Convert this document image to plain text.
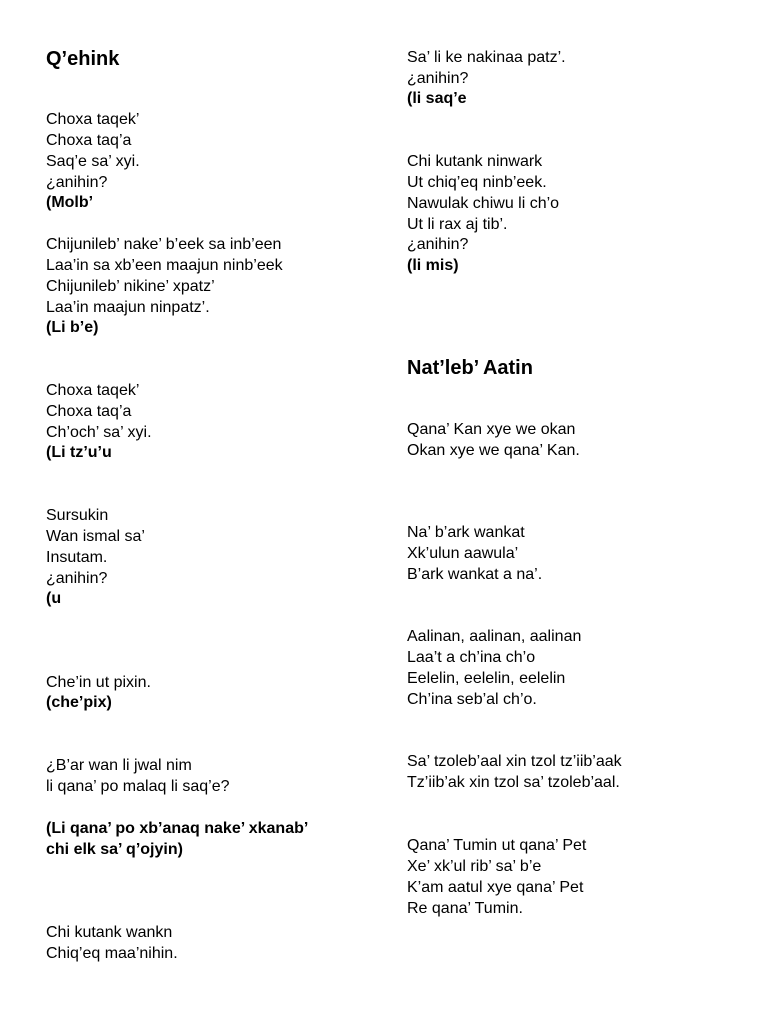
Q’ehink

Choxa taqek’

Choxa taq’a

Saq’e sa’ xyi.

¿anihin?

(Molb’

Chijunileb’ nake’ b’eek sa inb’een

Laa’in sa xb’een maajun ninb’eek

Chijunileb’ nikine’ xpatz’

Laa’in maajun ninpatz’.

(Li b’e)

Choxa taqek’

Choxa taq’a

Ch’och’ sa’ xyi.

(Li tz’u’u

Sursukin

Wan ismal sa’

Insutam.

¿anihin?

(u

Che’in ut pixin.

(che’pix)

¿B’ar wan li jwal nim

li qana’ po malaq li saq’e?

(Li qana’ po xb’anaq nake’ xkanab’

chi elk sa’ q’ojyin)

Chi kutank wankn

Chiq’eq maa’nihin.

Sa’ li ke nakinaa patz’.

¿anihin?

(li saq’e

Chi kutank ninwark

Ut chiq’eq ninb’eek.

Nawulak chiwu li ch’o

Ut li rax aj tib’.

¿anihin?

(li mis)

Nat’leb’ Aatin

Qana’ Kan xye we okan

Okan xye we qana’ Kan.

Na’ b’ark wankat

Xk’ulun aawula’

B’ark wankat a na’.

Aalinan, aalinan, aalinan

Laa’t a ch’ina ch’o

Eelelin, eelelin, eelelin

Ch’ina seb’al ch’o.

Sa’ tzoleb’aal xin tzol tz’iib’aak

Tz’iib’ak xin tzol sa’ tzoleb’aal.

Qana’ Tumin ut qana’ Pet

Xe’ xk’ul rib’ sa’ b’e

K’am aatul xye qana’ Pet

Re qana’ Tumin.
